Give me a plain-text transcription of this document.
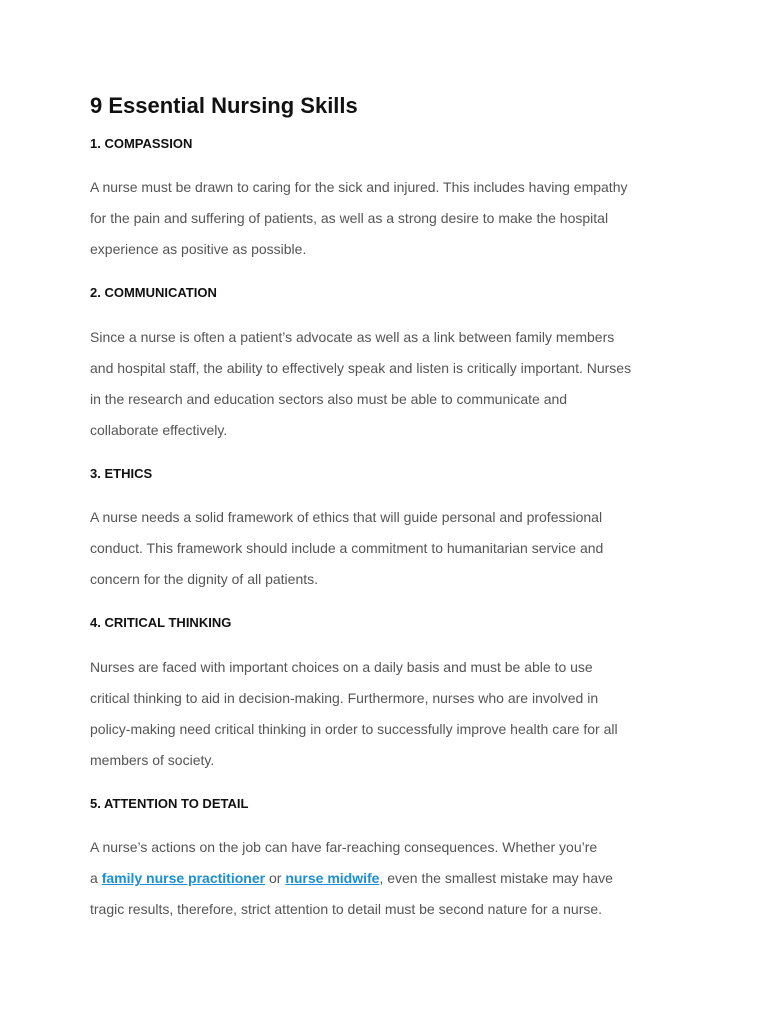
9 Essential Nursing Skills
1. COMPASSION

A nurse must be drawn to caring for the sick and injured. This includes having empathy
for the pain and suffering of patients, as well as a strong desire to make the hospital
experience as positive as possible.

2. COMMUNICATION

Since a nurse is often a patient’s advocate as well as a link between family members
and hospital staff, the ability to effectively speak and listen is critically important. Nurses
in the research and education sectors also must be able to communicate and
collaborate effectively.

3. ETHICS

A nurse needs a solid framework of ethics that will guide personal and professional
conduct. This framework should include a commitment to humanitarian service and
concern for the dignity of all patients.

4. CRITICAL THINKING

Nurses are faced with important choices on a daily basis and must be able to use
critical thinking to aid in decision-making. Furthermore, nurses who are involved in
policy-making need critical thinking in order to successfully improve health care for all
members of society.

5. ATTENTION TO DETAIL

A nurse’s actions on the job can have far-reaching consequences. Whether you’re
a family nurse practitioner or nurse midwife, even the smallest mistake may have
tragic results, therefore, strict attention to detail must be second nature for a nurse.
